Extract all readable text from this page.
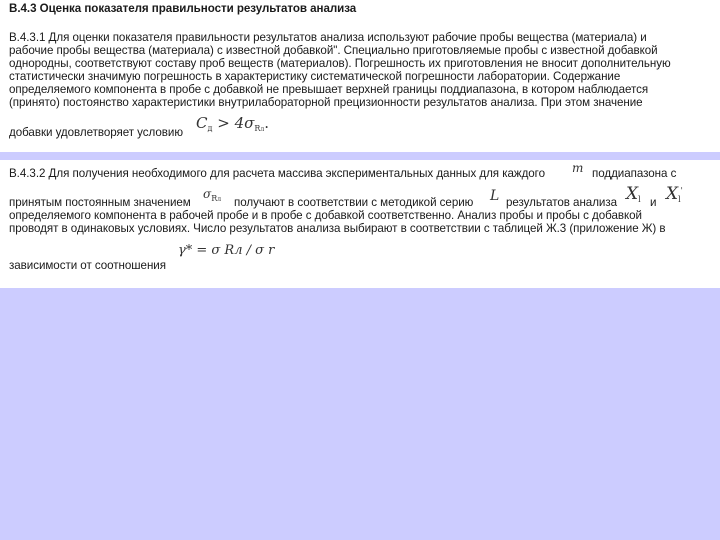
В.4.3 Оценка показателя правильности результатов анализа
В.4.3.1 Для оценки показателя правильности результатов анализа используют рабочие пробы вещества (материала) и
рабочие пробы вещества (материала) с известной добавкой". Специально приготовляемые пробы с известной добавкой
однородны, соответствуют составу проб веществ (материалов). Погрешность их приготовления не вносит дополнительную
статистически значимую погрешность в характеристику систематической погрешности лаборатории. Содержание
определяемого компонента в пробе с добавкой не превышает верхней границы поддиапазона, в котором наблюдается
(принято) постоянство характеристики внутрилабораторной прецизионности результатов анализа. При этом значение
добавки удовлетворяет условию
$C_д > 4\sigma_{Rл}$.
В.4.3.2 Для получения необходимого для расчета массива экспериментальных данных для каждого m поддиапазона с
принятым постоянным значением
$\sigma_{Rл}$ получают в соответствии с методикой серию L результатов анализа $X_l$ и $X_l'$
определяемого компонента в рабочей пробе и в пробе с добавкой соответственно. Анализ пробы и пробы с добавкой
проводят в одинаковых условиях. Число результатов анализа выбирают в соответствии с таблицей Ж.3 (приложение Ж) в
зависимости от соотношения
γ* = σ Rл / σ r
